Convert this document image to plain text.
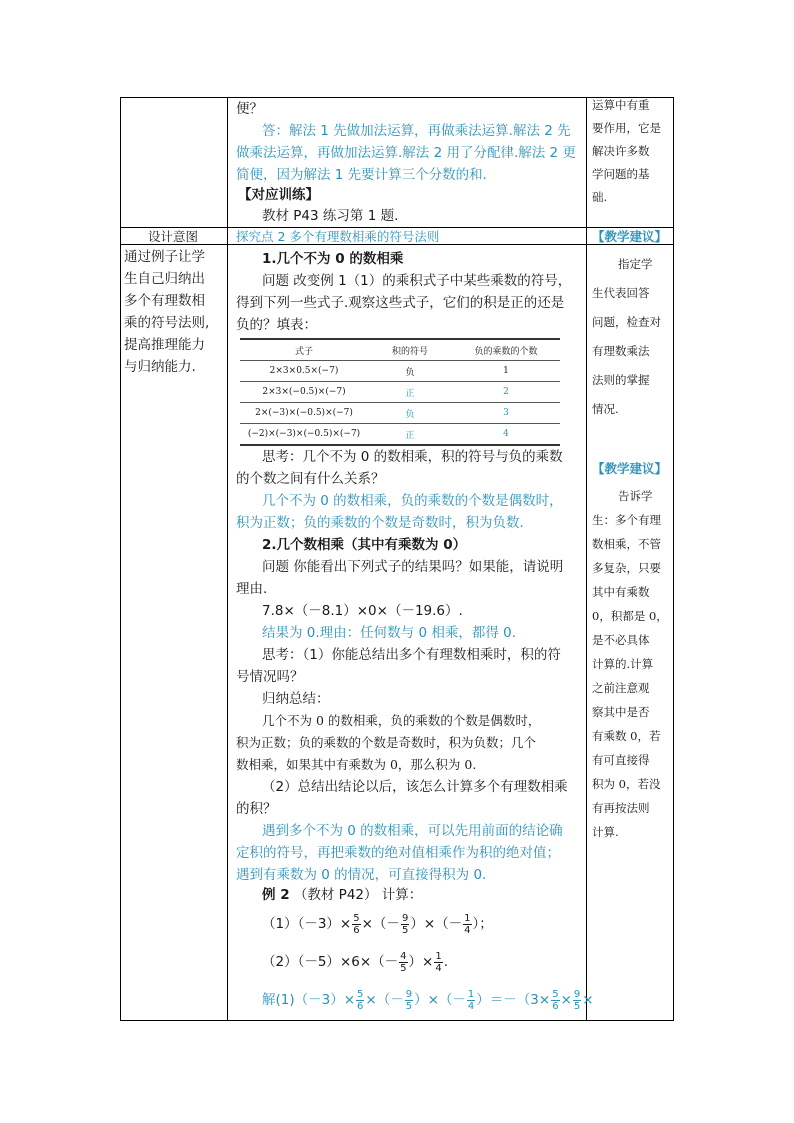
便？
答：解法 1 先做加法运算，再做乘法运算.解法 2 先
做乘法运算，再做加法运算.解法 2 用了分配律.解法 2 更
简便，因为解法 1 先要计算三个分数的和.
【对应训练】
教材 P43 练习第 1 题.
运算中有重
要作用，它是
解决许多数
学问题的基
础.
设计意图	探究点 2 多个有理数相乘的符号法则	【教学建议】
通过例子让学
生自己归纳出
多个有理数相
乘的符号法则,
提高推理能力
与归纳能力.
1.几个不为 0 的数相乘
问题 改变例 1（1）的乘积式子中某些乘数的符号，
得到下列一些式子.观察这些式子，它们的积是正的还是
负的？填表：
式子	积的符号	负的乘数的个数
2×3×0.5×(−7)	负	1
2×3×(−0.5)×(−7)	正	2
2×(−3)×(−0.5)×(−7)	负	3
(−2)×(−3)×(−0.5)×(−7)	正	4
思考：几个不为 0 的数相乘，积的符号与负的乘数
的个数之间有什么关系？
几个不为 0 的数相乘，负的乘数的个数是偶数时，
积为正数；负的乘数的个数是奇数时，积为负数.
2.几个数相乘（其中有乘数为 0）
问题 你能看出下列式子的结果吗？如果能，请说明
理由.
7.8×（－8.1）×0×（－19.6）.
结果为 0.理由：任何数与 0 相乘，都得 0.
思考：（1）你能总结出多个有理数相乘时，积的符
号情况吗？
归纳总结：
几个不为 0 的数相乘，负的乘数的个数是偶数时，
积为正数；负的乘数的个数是奇数时，积为负数；几个
数相乘，如果其中有乘数为 0，那么积为 0.
（2）总结出结论以后，该怎么计算多个有理数相乘
的积？
遇到多个不为 0 的数相乘，可以先用前面的结论确
定积的符号，再把乘数的绝对值相乘作为积的绝对值；
遇到有乘数为 0 的情况，可直接得积为 0.
例 2 （教材 P42） 计算：
$(1)(-3)\times \frac{5}{6}$ ×（－ $\frac{9}{5}$ ）×（－ $\frac{1}{4}$ ）；
$(2)(-5)\times 6\times(- \frac{4}{5}$ ）× $\frac{1}{4}$ .
解$(1)(-3)\times \frac{5}{6}$ ×（－ $\frac{9}{5}$ ）×（－ $\frac{1}{4} )=-(3\times \frac{5}{6} \times \frac{9}{5}$ ×
指定学
生代表回答
问题，检查对
有理数乘法
法则的掌握
情况.
【教学建议】
告诉学
生：多个有理
数相乘，不管
多复杂，只要
其中有乘数
0，积都是 0，
是不必具体
计算的.计算
之前注意观
察其中是否
有乘数 0，若
有可直接得
积为 0，若没
有再按法则
计算.
